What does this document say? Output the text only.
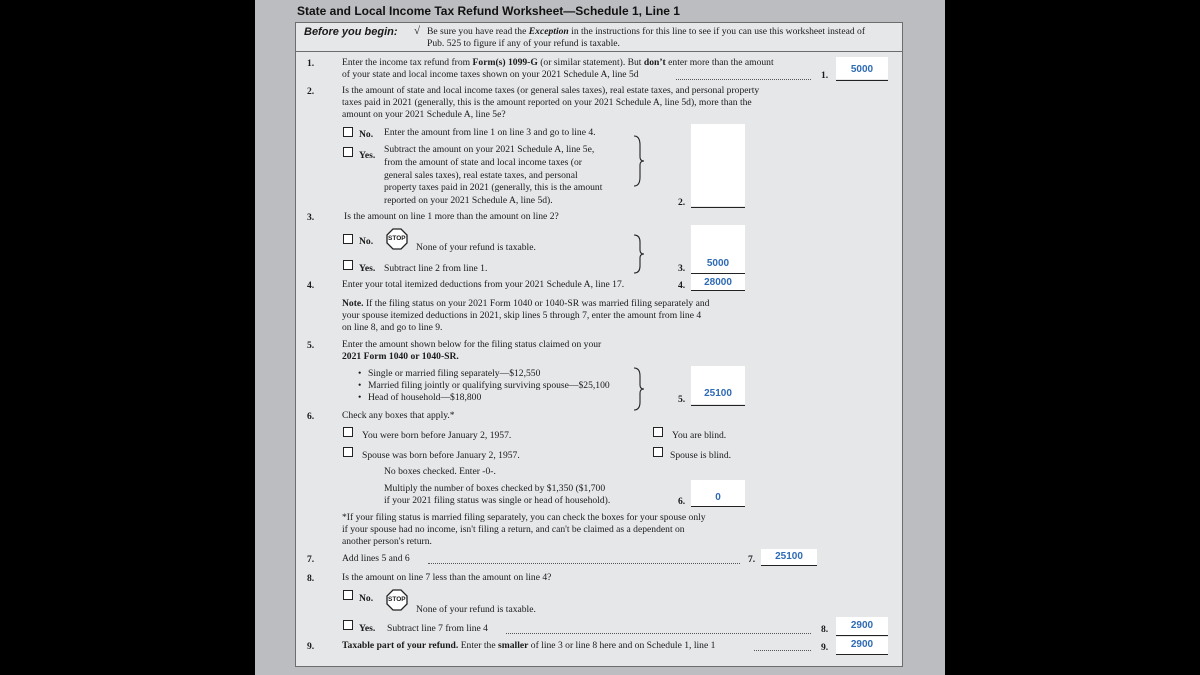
State and Local Income Tax Refund Worksheet—Schedule 1, Line 1
Before you begin: √ Be sure you have read the Exception in the instructions for this line to see if you can use this worksheet instead of
Pub. 525 to figure if any of your refund is taxable.
1.	Enter the income tax refund from Form(s) 1099-G (or similar statement). But don’t enter more than the amount
of your state and local income taxes shown on your 2021 Schedule A, line 5d	1.
5000
2.	Is the amount of state and local income taxes (or general sales taxes), real estate taxes, and personal property
taxes paid in 2021 (generally, this is the amount reported on your 2021 Schedule A, line 5d), more than the
amount on your 2021 Schedule A, line 5e?
No. Enter the amount from line 1 on line 3 and go to line 4.
Yes.
Subtract the amount on your 2021 Schedule A, line 5e,
from the amount of state and local income taxes (or
general sales taxes), real estate taxes, and personal
property taxes paid in 2021 (generally, this is the amount
reported on your 2021 Schedule A, line 5d).	2.
3.	Is the amount on line 1 more than the amount on line 2?
No. STOP
None of your refund is taxable.
Yes. Subtract line 2 from line 1.	3.	5000
4.	Enter your total itemized deductions from your 2021 Schedule A, line 17.	4.	28000
Note. If the filing status on your 2021 Form 1040 or 1040-SR was married filing separately and
your spouse itemized deductions in 2021, skip lines 5 through 7, enter the amount from line 4
on line 8, and go to line 9.
5.	Enter the amount shown below for the filing status claimed on your
2021 Form 1040 or 1040-SR.
• Single or married filing separately—$12,550
• Married filing jointly or qualifying surviving spouse—$25,100
• Head of household—$18,800	5.
25100
6.	Check any boxes that apply.*
You were born before January 2, 1957.	You are blind.
Spouse was born before January 2, 1957.	Spouse is blind.
No boxes checked. Enter -0-.
Multiply the number of boxes checked by $1,350 ($1,700
if your 2021 filing status was single or head of household).	6.	0
*If your filing status is married filing separately, you can check the boxes for your spouse only
if your spouse had no income, isn't filing a return, and can't be claimed as a dependent on
another person's return.
7.	Add lines 5 and 6	7.	25100
8.	Is the amount on line 7 less than the amount on line 4?
No. STOP
None of your refund is taxable.
Yes. Subtract line 7 from line 4	8.	2900
9.	Taxable part of your refund. Enter the smaller of line 3 or line 8 here and on Schedule 1, line 1	9.	2900
